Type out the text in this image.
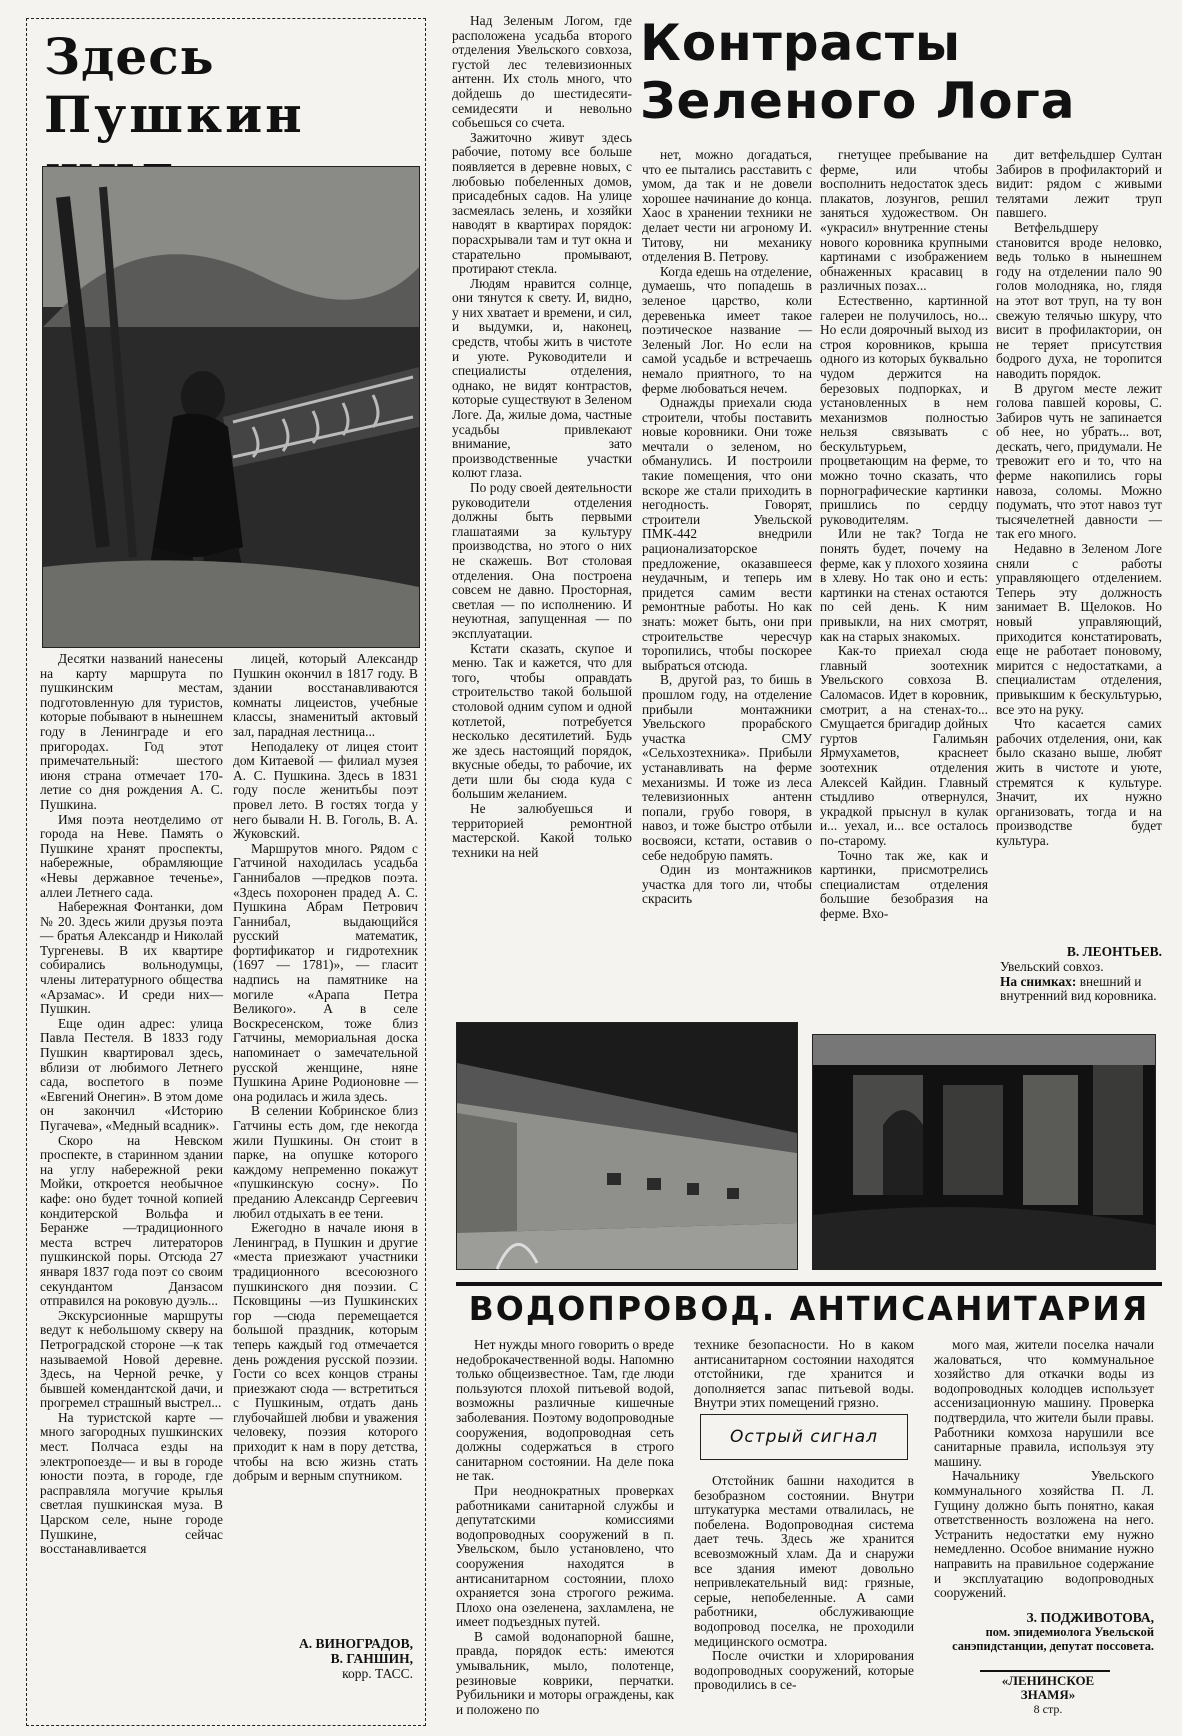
Здесь
Пушкин

Десятки названий нанесены на карту маршрута по пушкинским местам, подготовленную для туристов, которые побывают в нынешнем году в Ленинграде и его пригородах. Год этот примечательный: шестого июня страна отмечает 170-летие со дня рождения А. С. Пушкина.

Имя поэта неотделимо от города на Неве. Память о Пушкине хранят проспекты, набережные, обрамляющие «Невы державное теченье», аллеи Летнего сада.

Набережная Фонтанки, дом № 20. Здесь жили друзья поэта — братья Александр и Николай Тургеневы. В их квартире собирались вольнодумцы, члены литературного общества «Арзамас». И среди них—Пушкин.

Еще один адрес: улица Павла Пестеля. В 1833 году Пушкин квартировал здесь, вблизи от любимого Летнего сада, воспетого в поэме «Евгений Онегин». В этом доме он закончил «Историю Пугачева», «Медный всадник».

Скоро на Невском проспекте, в старинном здании на углу набережной реки Мойки, откроется необычное кафе: оно будет точной копией кондитерской Вольфа и Беранже —традиционного места встреч литераторов пушкинской поры. Отсюда 27 января 1837 года поэт со своим секундантом Данзасом отправился на роковую дуэль...

Экскурсионные маршруты ведут к небольшому скверу на Петроградской стороне —к так называемой Новой деревне. Здесь, на Черной речке, у бывшей комендантской дачи, и прогремел страшный выстрел...

На туристской карте — много загородных пушкинских мест. Полчаса езды на электропоезде— и вы в городе юности поэта, в городе, где расправляла могучие крылья светлая пушкинская муза. В Царском селе, ныне городе Пушкине, сейчас восстанавливается

лицей, который Александр Пушкин окончил в 1817 году. В здании восстанавливаются комнаты лицеистов, учебные классы, знаменитый актовый зал, парадная лестница...

Неподалеку от лицея стоит дом Китаевой — филиал музея А. С. Пушкина. Здесь в 1831 году после женитьбы поэт провел лето. В гостях тогда у него бывали Н. В. Гоголь, В. А. Жуковский.

Маршрутов много. Рядом с Гатчиной находилась усадьба Ганнибалов —предков поэта. «Здесь похоронен прадед А. С. Пушкина Абрам Петрович Ганнибал, выдающийся русский математик, фортификатор и гидротехник (1697 — 1781)», — гласит надпись на памятнике на могиле «Арапа Петра Великого». А в селе Воскресенском, тоже близ Гатчины, мемориальная доска напоминает о замечательной русской женщине, няне Пушкина Арине Родионовне — она родилась и жила здесь.

В селении Кобринское близ Гатчины есть дом, где некогда жили Пушкины. Он стоит в парке, на опушке которого каждому непременно покажут «пушкинскую сосну». По преданию Александр Сергеевич любил отдыхать в ее тени.

Ежегодно в начале июня в Ленинград, в Пушкин и другие «места приезжают участники традиционного всесоюзного пушкинского дня поэзии. С Псковщины —из Пушкинских гор —сюда перемещается большой праздник, которым теперь каждый год отмечается день рождения русской поэзии. Гости со всех концов страны приезжают сюда — встретиться с Пушкиным, отдать дань глубочайшей любви и уважения человеку, поэзия которого приходит к нам в пору детства, чтобы на всю жизнь стать добрым и верным спутником.

А. ВИНОГРАДОВ,
В. ГАНШИН,
корр. ТАСС.
Контрасты
Зеленого Лога

Над Зеленым Логом, где расположена усадьба второго отделения Увельского совхоза, густой лес телевизионных антенн. Их столь много, что дойдешь до шестидесяти-семидесяти и невольно собьешься со счета.

Зажиточно живут здесь рабочие, потому все больше появляется в деревне новых, с любовью побеленных домов, присадебных садов. На улице засмеялась зелень, и хозяйки наводят в квартирах порядок: порасхрывали там и тут окна и старательно промывают, протирают стекла.

Людям нравится солнце, они тянутся к свету. И, видно, у них хватает и времени, и сил, и выдумки, и, наконец, средств, чтобы жить в чистоте и уюте. Руководители и специалисты отделения, однако, не видят контрастов, которые существуют в Зеленом Логе. Да, жилые дома, частные усадьбы привлекают внимание, зато производственные участки колют глаза.

По роду своей деятельности руководители отделения должны быть первыми глашатаями за культуру производства, но этого о них не скажешь. Вот столовая отделения. Она построена совсем не давно. Просторная, светлая — по исполнению. И неуютная, запущенная — по эксплуатации.

Кстати сказать, скупое и меню. Так и кажется, что для того, чтобы оправдать строительство такой большой столовой одним супом и одной котлетой, потребуется несколько десятилетий. Будь же здесь настоящий порядок, вкусные обеды, то рабочие, их дети шли бы сюда куда с большим желанием.

Не залюбуешься и территорией ремонтной мастерской. Какой только техники на ней

нет, можно догадаться, что ее пытались расставить с умом, да так и не довели хорошее начинание до конца. Хаос в хранении техники не делает чести ни агроному И. Титову, ни механику отделения В. Петрову.

Когда едешь на отделение, думаешь, что попадешь в зеленое царство, коли деревенька имеет такое поэтическое название — Зеленый Лог. Но если на самой усадьбе и встречаешь немало приятного, то на ферме любоваться нечем.

Однажды приехали сюда строители, чтобы поставить новые коровники. Они тоже мечтали о зеленом, но обманулись. И построили такие помещения, что они вскоре же стали приходить в негодность. Говорят, строители Увельской ПМК-442 внедрили рационализаторское предложение, оказавшееся неудачным, и теперь им придется самим вести ремонтные работы. Но как знать: может быть, они при строительстве чересчур торопились, чтобы поскорее выбраться отсюда.

В, другой раз, то бишь в прошлом году, на отделение прибыли монтажники Увельского прорабского участка СМУ «Сельхозтехника». Прибыли устанавливать на ферме механизмы. И тоже из леса телевизионных антенн попали, грубо говоря, в навоз, и тоже быстро отбыли восвояси, кстати, оставив о себе недобрую память.

Один из монтажников участка для того ли, чтобы скрасить

гнетущее пребывание на ферме, или чтобы восполнить недостаток здесь плакатов, лозунгов, решил заняться художеством. Он «украсил» внутренние стены нового коровника крупными картинами с изображением обнаженных красавиц в различных позах...

Естественно, картинной галереи не получилось, но... Но если доярочный выход из строя коровников, крыша одного из которых буквально чудом держится на березовых подпорках, и установленных в нем механизмов полностью нельзя связывать с бескультурьем, процветающим на ферме, то можно точно сказать, что порнографические картинки пришлись по сердцу руководителям.

Или не так? Тогда не понять будет, почему на ферме, как у плохого хозяина в хлеву. Но так оно и есть: картинки на стенах остаются по сей день. К ним привыкли, на них смотрят, как на старых знакомых.

Как-то приехал сюда главный зоотехник Увельского совхоза В. Саломасов. Идет в коровник, смотрит, а на стенах-то... Смущается бригадир дойных гуртов Галимьян Ярмухаметов, краснеет зоотехник отделения Алексей Кайдин. Главный стыдливо отвернулся, украдкой прыснул в кулак и... уехал, и... все осталось по-старому.

Точно так же, как и картинки, присмотрелись специалистам отделения большие безобразия на ферме. Вхо-

дит ветфельдшер Султан Забиров в профилакторий и видит: рядом с живыми телятами лежит труп павшего.

Ветфельдшеру становится вроде неловко, ведь только в нынешнем году на отделении пало 90 голов молодняка, но, глядя на этот вот труп, на ту вон свежую телячью шкуру, что висит в профилактории, он не теряет присутствия бодрого духа, не торопится наводить порядок.

В другом месте лежит голова павшей коровы, С. Забиров чуть не запинается об нее, но убрать... вот, дескать, чего, придумали. Не тревожит его и то, что на ферме накопились горы навоза, соломы. Можно подумать, что этот навоз тут тысячелетней давности — так его много.

Недавно в Зеленом Логе сняли с работы управляющего отделением. Теперь эту должность занимает В. Щелоков. Но новый управляющий, приходится констатировать, еще не работает поновому, мирится с недостатками, а специалистам отделения, привыкшим к бескультурью, все это на руку.

Что касается самих рабочих отделения, они, как было сказано выше, любят жить в чистоте и уюте, стремятся к культуре. Значит, их нужно организовать, тогда и на производстве будет культура.

В. ЛЕОНТЬЕВ.
Увельский совхоз.
На снимках: внешний и внутренний вид коровника.
ВОДОПРОВОД. АНТИСАНИТАРИЯ

Нет нужды много говорить о вреде недоброкачественной воды. Напомню только общеизвестное. Там, где люди пользуются плохой питьевой водой, возможны различные кишечные заболевания. Поэтому водопроводные сооружения, водопроводная сеть должны содержаться в строго санитарном состоянии. На деле пока не так.

При неоднократных проверках работниками санитарной службы и депутатскими комиссиями водопроводных сооружений в п. Увельском, было установлено, что сооружения находятся в антисанитарном состоянии, плохо охраняется зона строгого режима. Плохо она озеленена, захламлена, не имеет подъездных путей.

В самой водонапорной башне, правда, порядок есть: имеются умывальник, мыло, полотенце, резиновые коврики, перчатки. Рубильники и моторы ограждены, как и положено по

технике безопасности. Но в каком антисанитарном состоянии находятся отстойники, где хранится и дополняется запас питьевой воды. Внутри этих помещений грязно.

Острый сигнал

Отстойник башни находится в безобразном состоянии. Внутри штукатурка местами отвалилась, не побелена. Водопроводная система дает течь. Здесь же хранится всевозможный хлам. Да и снаружи все здания имеют довольно непривлекательный вид: грязные, серые, непобеленные. А сами работники, обслуживающие водопровод поселка, не проходили медицинского осмотра.

После очистки и хлорирования водопроводных сооружений, которые проводились в се-

мого мая, жители поселка начали жаловаться, что коммунальное хозяйство для откачки воды из водопроводных колодцев использует ассенизационную машину. Проверка подтвердила, что жители были правы. Работники комхоза нарушили все санитарные правила, используя эту машину.

Начальнику Увельского коммунального хозяйства П. Л. Гущину должно быть понятно, какая ответственность возложена на него. Устранить недостатки ему нужно немедленно. Особое внимание нужно направить на правильное содержание и эксплуатацию водопроводных сооружений.

З. ПОДЖИВОТОВА,
пом. эпидемиолога Увельской санэпидстанции, депутат поссовета.
«ЛЕНИНСКОЕ
ЗНАМЯ»
8 стр.
